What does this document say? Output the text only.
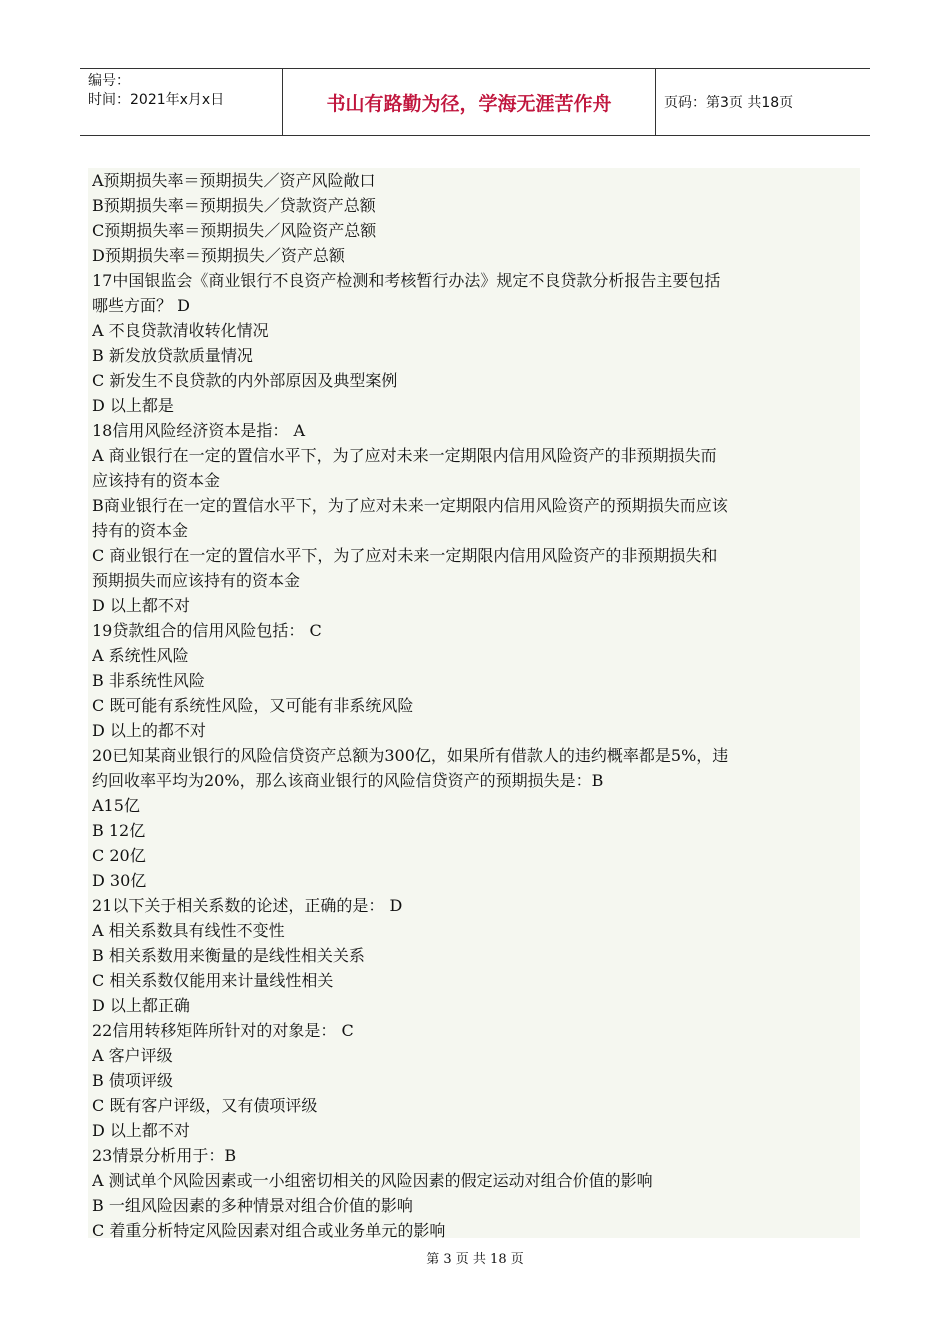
编号：
时间：2021年x月x日	书山有路勤为径，学海无涯苦作舟	页码：第3页 共18页
A预期损失率＝预期损失／资产风险敞口
B预期损失率＝预期损失／贷款资产总额
C预期损失率＝预期损失／风险资产总额
D预期损失率＝预期损失／资产总额
17中国银监会《商业银行不良资产检测和考核暂行办法》规定不良贷款分析报告主要包括
哪些方面？ D
A 不良贷款清收转化情况
B 新发放贷款质量情况
C 新发生不良贷款的内外部原因及典型案例
D 以上都是
18信用风险经济资本是指： A
A 商业银行在一定的置信水平下，为了应对未来一定期限内信用风险资产的非预期损失而
应该持有的资本金
B商业银行在一定的置信水平下，为了应对未来一定期限内信用风险资产的预期损失而应该
持有的资本金
C 商业银行在一定的置信水平下，为了应对未来一定期限内信用风险资产的非预期损失和
预期损失而应该持有的资本金
D 以上都不对
19贷款组合的信用风险包括： C
A 系统性风险
B 非系统性风险
C 既可能有系统性风险，又可能有非系统风险
D 以上的都不对
20已知某商业银行的风险信贷资产总额为300亿，如果所有借款人的违约概率都是5%，违
约回收率平均为20%，那么该商业银行的风险信贷资产的预期损失是：B
A15亿
B 12亿
C 20亿
D 30亿
21以下关于相关系数的论述，正确的是： D
A 相关系数具有线性不变性
B 相关系数用来衡量的是线性相关关系
C 相关系数仅能用来计量线性相关
D 以上都正确
22信用转移矩阵所针对的对象是： C
A 客户评级
B 债项评级
C 既有客户评级，又有债项评级
D 以上都不对
23情景分析用于：B
A 测试单个风险因素或一小组密切相关的风险因素的假定运动对组合价值的影响
B 一组风险因素的多种情景对组合价值的影响
C 着重分析特定风险因素对组合或业务单元的影响
第 3 页 共 18 页
